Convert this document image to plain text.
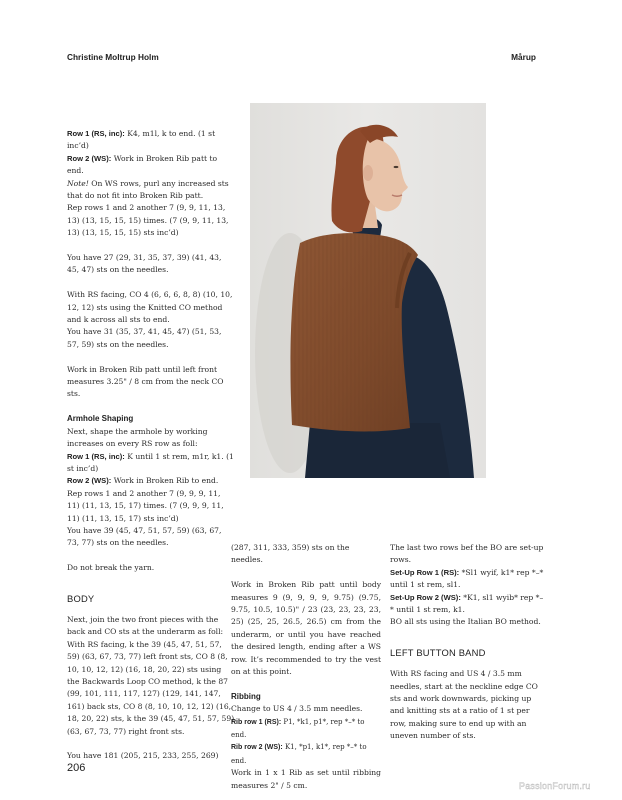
Christine Moltrup Holm	Mårup

Row 1 (RS, inc): K4, m1l, k to end. (1 st inc’d)

Row 2 (WS): Work in Broken Rib patt to end.

Note! On WS rows, purl any increased sts that do not fit into Broken Rib patt.

Rep rows 1 and 2 another 7 (9, 9, 11, 13, 13) (13, 15, 15, 15) times. (7 (9, 9, 11, 13, 13) (13, 15, 15, 15) sts inc’d)

You have 27 (29, 31, 35, 37, 39) (41, 43, 45, 47) sts on the needles.

With RS facing, CO 4 (6, 6, 6, 8, 8) (10, 10, 12, 12) sts using the Knitted CO method and k across all sts to end.

You have 31 (35, 37, 41, 45, 47) (51, 53, 57, 59) sts on the needles.

Work in Broken Rib patt until left front measures 3.25" / 8 cm from the neck CO sts.

Armhole Shaping

Next, shape the armhole by working increases on every RS row as foll:

Row 1 (RS, inc): K until 1 st rem, m1r, k1. (1 st inc’d)

Row 2 (WS): Work in Broken Rib to end.

Rep rows 1 and 2 another 7 (9, 9, 9, 11, 11) (11, 13, 15, 17) times. (7 (9, 9, 9, 11, 11) (11, 13, 15, 17) sts inc’d)

You have 39 (45, 47, 51, 57, 59) (63, 67, 73, 77) sts on the needles.

Do not break the yarn.

BODY

Next, join the two front pieces with the back and CO sts at the underarm as foll: With RS facing, k the 39 (45, 47, 51, 57, 59) (63, 67, 73, 77) left front sts, CO 8 (8, 10, 10, 12, 12) (16, 18, 20, 22) sts using the Backwards Loop CO method, k the 87 (99, 101, 111, 117, 127) (129, 141, 147, 161) back sts, CO 8 (8, 10, 10, 12, 12) (16, 18, 20, 22) sts, k the 39 (45, 47, 51, 57, 59) (63, 67, 73, 77) right front sts.

You have 181 (205, 215, 233, 255, 269)

(287, 311, 333, 359) sts on the needles.

Work in Broken Rib patt until body measures 9 (9, 9, 9, 9, 9.75) (9.75, 9.75, 10.5, 10.5)" / 23 (23, 23, 23, 23, 25) (25, 25, 26.5, 26.5) cm from the underarm, or until you have reached the desired length, ending after a WS row. It’s recommended to try the vest on at this point.

Ribbing

Change to US 4 / 3.5 mm needles.

Rib row 1 (RS): P1, *k1, p1*, rep *–* to end.

Rib row 2 (WS): K1, *p1, k1*, rep *–* to end.

Work in 1 x 1 Rib as set until ribbing measures 2" / 5 cm.

The last two rows bef the BO are set-up rows.

Set-Up Row 1 (RS): *Sl1 wyif, k1* rep *–* until 1 st rem, sl1.

Set-Up Row 2 (WS): *K1, sl1 wyib* rep *–* until 1 st rem, k1.

BO all sts using the Italian BO method.

LEFT BUTTON BAND

With RS facing and US 4 / 3.5 mm needles, start at the neckline edge CO sts and work downwards, picking up and knitting sts at a ratio of 1 st per row, making sure to end up with an uneven number of sts.

206
PassionForum.ru
